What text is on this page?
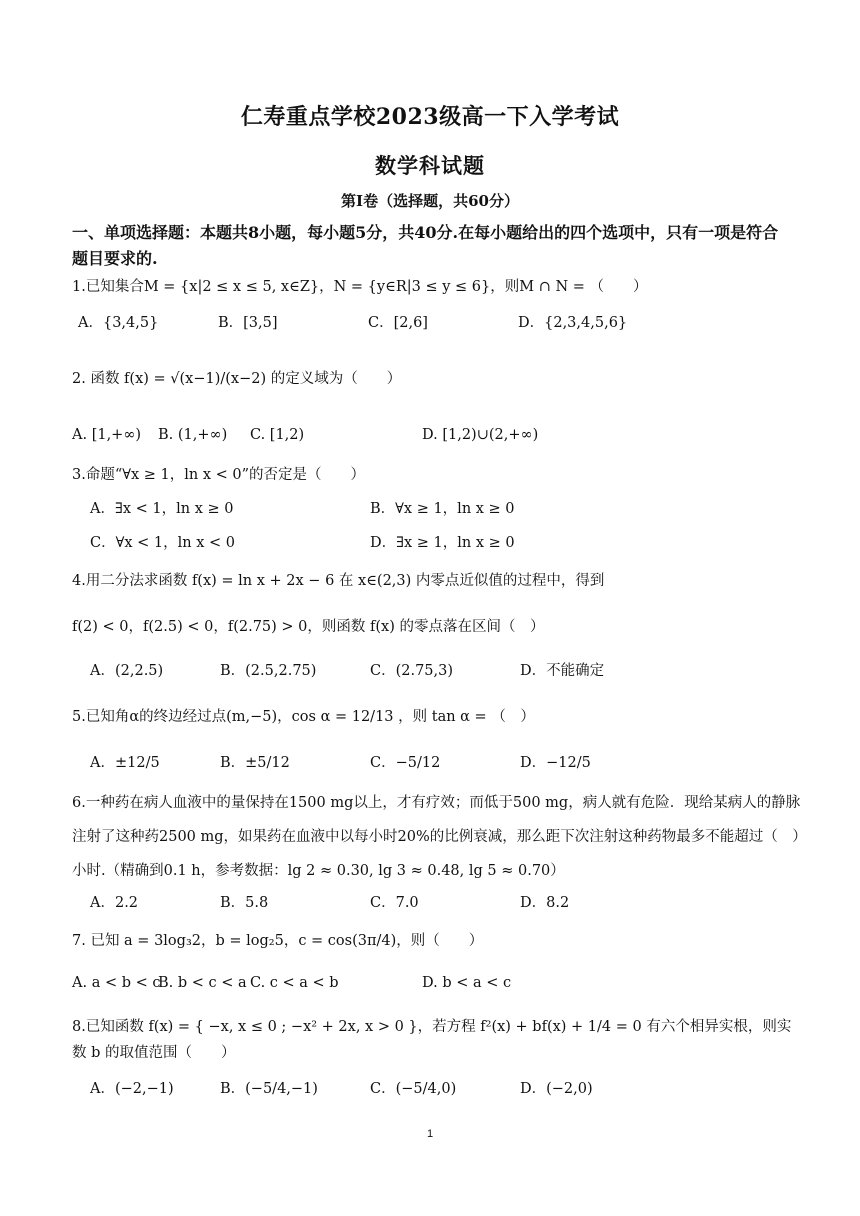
仁寿重点学校2023级高一下入学考试
数学科试题
第Ⅰ卷（选择题，共60分）
一、单项选择题：本题共8小题，每小题5分，共40分.在每小题给出的四个选项中，只有一项是符合题目要求的.
1.已知集合M = {x|2 ≤ x ≤ 5, x∈Z}，N = {y∈R|3 ≤ y ≤ 6}，则M ∩ N = （　　）
A．{3,4,5}	B．[3,5]	C．[2,6]	D．{2,3,4,5,6}
2. 函数 f(x) = √(x−1)/(x−2) 的定义域为（　　）
A. [1,+∞) B. (1,+∞) C. [1,2)	D. [1,2)∪(2,+∞)
3.命题“∀x ≥ 1，ln x < 0”的否定是（　　）
A．∃x < 1，ln x ≥ 0	B．∀x ≥ 1，ln x ≥ 0
C．∀x < 1，ln x < 0	D．∃x ≥ 1，ln x ≥ 0
4.用二分法求函数 f(x) = ln x + 2x − 6 在 x∈(2,3) 内零点近似值的过程中，得到
f(2) < 0，f(2.5) < 0，f(2.75) > 0，则函数 f(x) 的零点落在区间（　）
A．(2,2.5)	B．(2.5,2.75)	C．(2.75,3)	D．不能确定
5.已知角α的终边经过点(m,−5)，cos α = 12/13 ，则 tan α = （　）
A．±12/5	B．±5/12	C．−5/12	D．−12/5
6.一种药在病人血液中的量保持在1500 mg以上，才有疗效；而低于500 mg，病人就有危险．现给某病人的静脉注射了这种药2500 mg，如果药在血液中以每小时20%的比例衰减，那么距下次注射这种药物最多不能超过（　）小时.（精确到0.1 h，参考数据：lg 2 ≈ 0.30, lg 3 ≈ 0.48, lg 5 ≈ 0.70）
A．2.2	B．5.8	C．7.0	D．8.2
7. 已知 a = 3log₃2，b = log₂5，c = cos(3π/4)，则（　　）
A. a < b < c
B. b < c < a C. c < a < b	D. b < a < c
8.已知函数 f(x) = { −x, x ≤ 0 ; −x² + 2x, x > 0 }，若方程 f²(x) + bf(x) + 1/4 = 0 有六个相异实根，则实数 b 的取值范围（　　）
A．(−2,−1)	B．(−5/4,−1)	C．(−5/4,0)	D．(−2,0)
1
